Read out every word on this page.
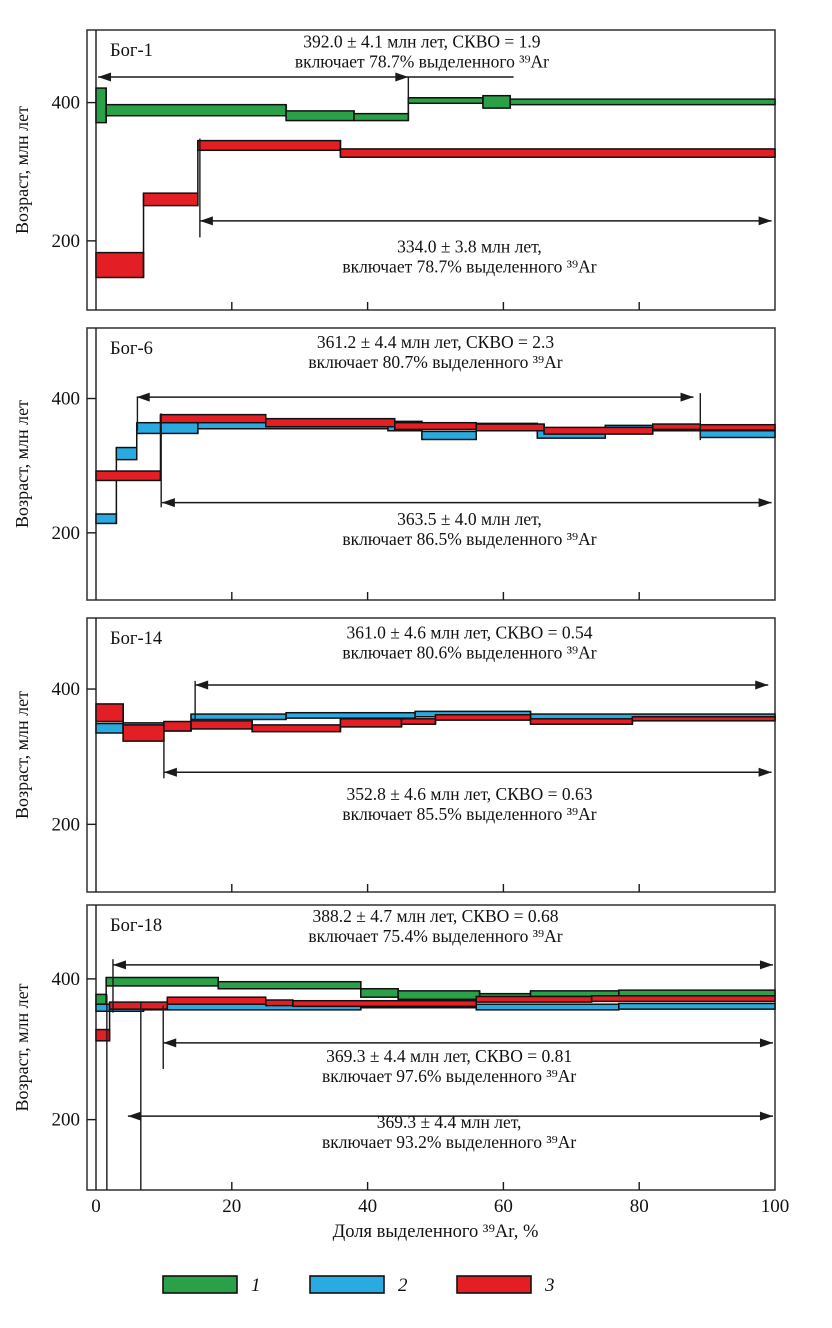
200
400
Возраст, млн лет
392.0 ± 4.1 млн лет, СКВО = 1.9
включает 78.7% выделенного ³⁹Ar
334.0 ± 3.8 млн лет,
включает 78.7% выделенного ³⁹Ar
Бог-1
200
400
Возраст, млн лет
361.2 ± 4.4 млн лет, СКВО = 2.3
включает 80.7% выделенного ³⁹Ar
363.5 ± 4.0 млн лет,
включает 86.5% выделенного ³⁹Ar
Бог-6
200
400
Возраст, млн лет
361.0 ± 4.6 млн лет, СКВО = 0.54
включает 80.6% выделенного ³⁹Ar
352.8 ± 4.6 млн лет, СКВО = 0.63
включает 85.5% выделенного ³⁹Ar
Бог-14
200
400
Возраст, млн лет
388.2 ± 4.7 млн лет, СКВО = 0.68
включает 75.4% выделенного ³⁹Ar
369.3 ± 4.4 млн лет, СКВО = 0.81
включает 97.6% выделенного ³⁹Ar
369.3 ± 4.4 млн лет,
включает 93.2% выделенного ³⁹Ar
Бог-18
0	20	40	60	80	100
Доля выделенного ³⁹Ar, %
1	2	3
